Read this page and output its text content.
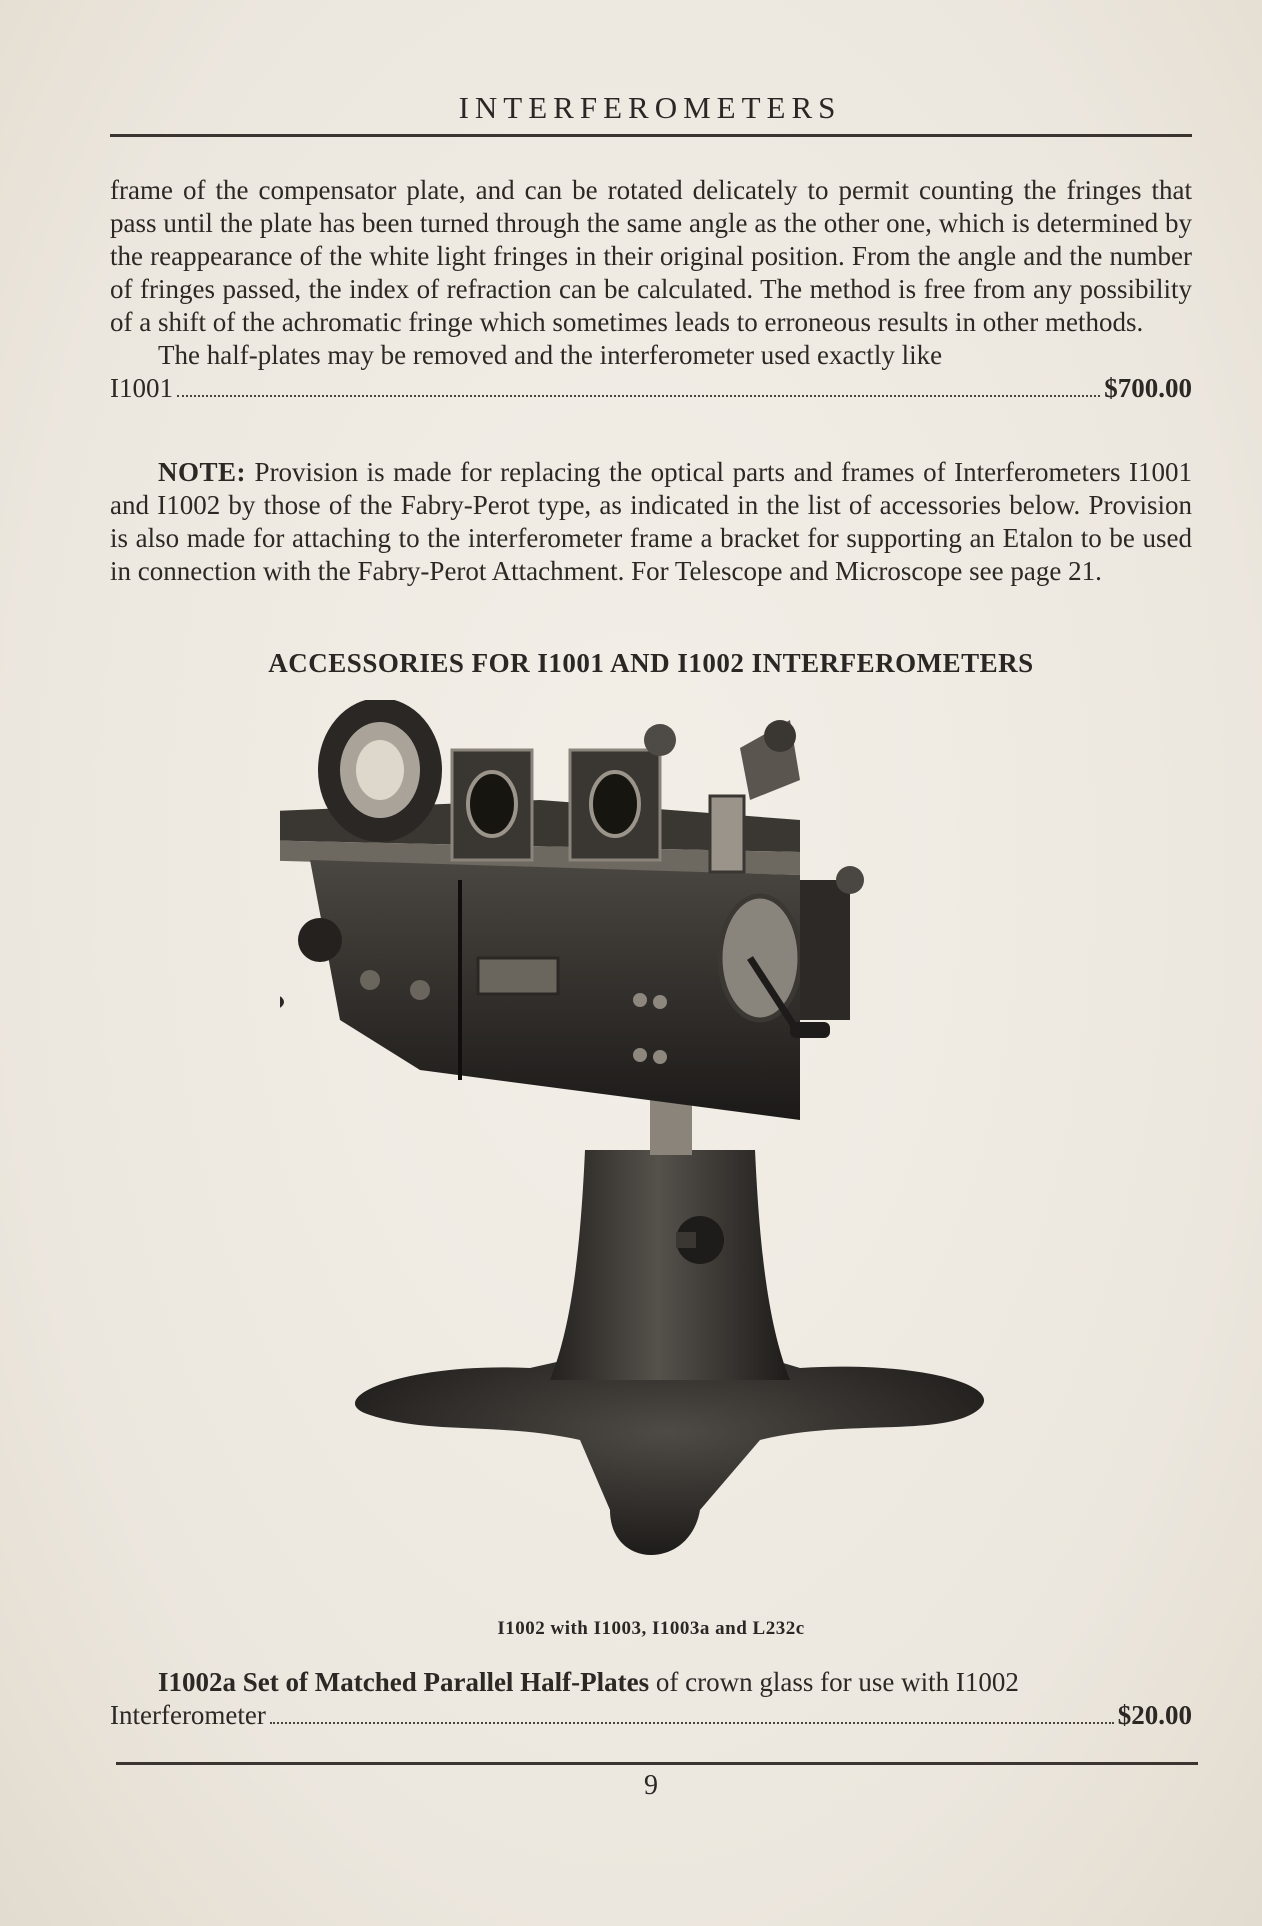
INTERFEROMETERS
frame of the compensator plate, and can be rotated delicately to permit counting the fringes that pass until the plate has been turned through the same angle as the other one, which is determined by the reappearance of the white light fringes in their original position. From the angle and the number of fringes passed, the index of refraction can be calculated. The method is free from any possibility of a shift of the achromatic fringe which sometimes leads to erroneous results in other methods.
The half-plates may be removed and the interferometer used exactly like
I1001	$700.00
NOTE: Provision is made for replacing the optical parts and frames of Interferometers I1001 and I1002 by those of the Fabry-Perot type, as indicated in the list of accessories below. Provision is also made for attaching to the interferometer frame a bracket for supporting an Etalon to be used in connection with the Fabry-Perot Attachment. For Telescope and Microscope see page 21.
ACCESSORIES FOR I1001 AND I1002 INTERFEROMETERS
I1002 with I1003, I1003a and L232c
I1002a Set of Matched Parallel Half-Plates of crown glass for use with I1002
Interferometer	$20.00
9
